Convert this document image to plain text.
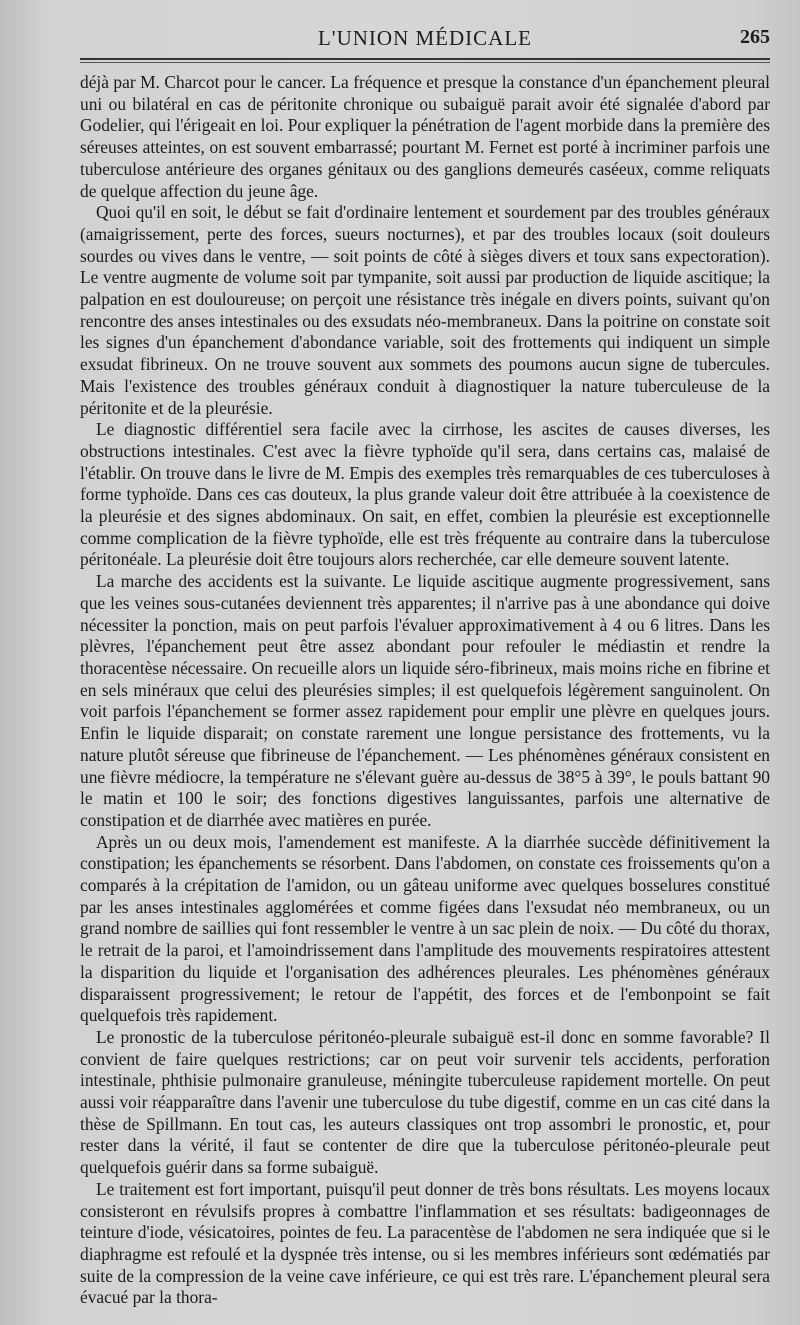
L'UNION MÉDICALE	265

déjà par M. Charcot pour le cancer. La fréquence et presque la constance d'un épanchement pleural uni ou bilatéral en cas de péritonite chronique ou subaiguë parait avoir été signalée d'abord par Godelier, qui l'érigeait en loi. Pour expliquer la pénétration de l'agent morbide dans la première des séreuses atteintes, on est souvent embarrassé; pourtant M. Fernet est porté à incriminer parfois une tuberculose antérieure des organes génitaux ou des ganglions demeurés caséeux, comme reliquats de quelque affection du jeune âge.

Quoi qu'il en soit, le début se fait d'ordinaire lentement et sourdement par des troubles généraux (amaigrissement, perte des forces, sueurs nocturnes), et par des troubles locaux (soit douleurs sourdes ou vives dans le ventre, — soit points de côté à sièges divers et toux sans expectoration). Le ventre augmente de volume soit par tympanite, soit aussi par production de liquide ascitique; la palpation en est douloureuse; on perçoit une résistance très inégale en divers points, suivant qu'on rencontre des anses intestinales ou des exsudats néo-membraneux. Dans la poitrine on constate soit les signes d'un épanchement d'abondance variable, soit des frottements qui indiquent un simple exsudat fibrineux. On ne trouve souvent aux sommets des poumons aucun signe de tubercules. Mais l'existence des troubles généraux conduit à diagnostiquer la nature tuberculeuse de la péritonite et de la pleurésie.

Le diagnostic différentiel sera facile avec la cirrhose, les ascites de causes diverses, les obstructions intestinales. C'est avec la fièvre typhoïde qu'il sera, dans certains cas, malaisé de l'établir. On trouve dans le livre de M. Empis des exemples très remarquables de ces tuberculoses à forme typhoïde. Dans ces cas douteux, la plus grande valeur doit être attribuée à la coexistence de la pleurésie et des signes abdominaux. On sait, en effet, combien la pleurésie est exceptionnelle comme complication de la fièvre typhoïde, elle est très fréquente au contraire dans la tuberculose péritonéale. La pleurésie doit être toujours alors recherchée, car elle demeure souvent latente.

La marche des accidents est la suivante. Le liquide ascitique augmente progressivement, sans que les veines sous-cutanées deviennent très apparentes; il n'arrive pas à une abondance qui doive nécessiter la ponction, mais on peut parfois l'évaluer approximativement à 4 ou 6 litres. Dans les plèvres, l'épanchement peut être assez abondant pour refouler le médiastin et rendre la thoracentèse nécessaire. On recueille alors un liquide séro-fibrineux, mais moins riche en fibrine et en sels minéraux que celui des pleurésies simples; il est quelquefois légèrement sanguinolent. On voit parfois l'épanchement se former assez rapidement pour emplir une plèvre en quelques jours. Enfin le liquide disparait; on constate rarement une longue persistance des frottements, vu la nature plutôt séreuse que fibrineuse de l'épanchement. — Les phénomènes généraux consistent en une fièvre médiocre, la température ne s'élevant guère au-dessus de 38°5 à 39°, le pouls battant 90 le matin et 100 le soir; des fonctions digestives languissantes, parfois une alternative de constipation et de diarrhée avec matières en purée.

Après un ou deux mois, l'amendement est manifeste. A la diarrhée succède définitivement la constipation; les épanchements se résorbent. Dans l'abdomen, on constate ces froissements qu'on a comparés à la crépitation de l'amidon, ou un gâteau uniforme avec quelques bosselures constitué par les anses intestinales agglomérées et comme figées dans l'exsudat néo membraneux, ou un grand nombre de saillies qui font ressembler le ventre à un sac plein de noix. — Du côté du thorax, le retrait de la paroi, et l'amoindrissement dans l'amplitude des mouvements respiratoires attestent la disparition du liquide et l'organisation des adhérences pleurales. Les phénomènes généraux disparaissent progressivement; le retour de l'appétit, des forces et de l'embonpoint se fait quelquefois très rapidement.

Le pronostic de la tuberculose péritonéo-pleurale subaiguë est-il donc en somme favorable? Il convient de faire quelques restrictions; car on peut voir survenir tels accidents, perforation intestinale, phthisie pulmonaire granuleuse, méningite tuberculeuse rapidement mortelle. On peut aussi voir réapparaître dans l'avenir une tuberculose du tube digestif, comme en un cas cité dans la thèse de Spillmann. En tout cas, les auteurs classiques ont trop assombri le pronostic, et, pour rester dans la vérité, il faut se contenter de dire que la tuberculose péritonéo-pleurale peut quelquefois guérir dans sa forme subaiguë.

Le traitement est fort important, puisqu'il peut donner de très bons résultats. Les moyens locaux consisteront en révulsifs propres à combattre l'inflammation et ses résultats: badigeonnages de teinture d'iode, vésicatoires, pointes de feu. La paracentèse de l'abdomen ne sera indiquée que si le diaphragme est refoulé et la dyspnée très intense, ou si les membres inférieurs sont œdématiés par suite de la compression de la veine cave inférieure, ce qui est très rare. L'épanchement pleural sera évacué par la thora-
